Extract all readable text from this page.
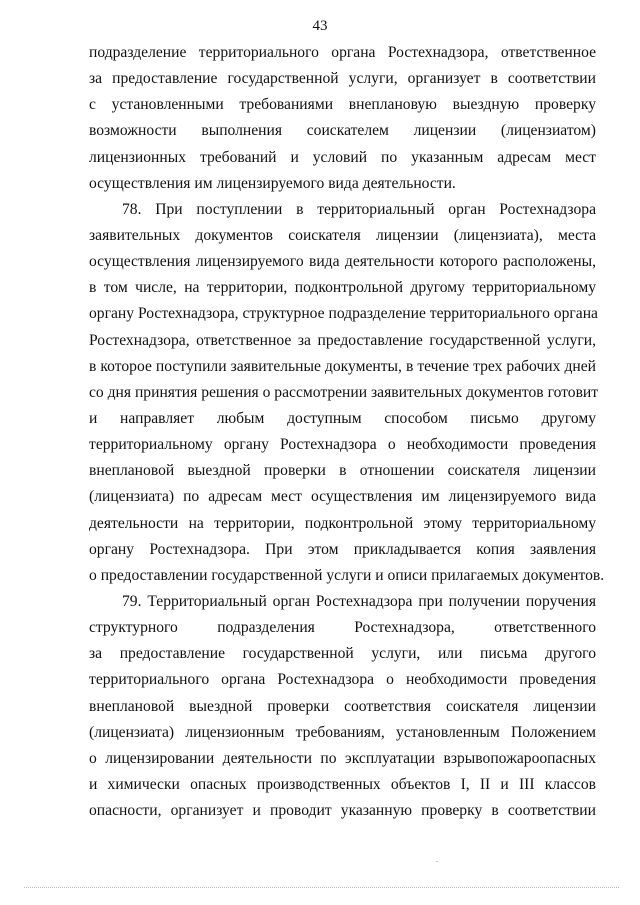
43
подразделение территориального органа Ростехнадзора, ответственное
за предоставление государственной услуги, организует в соответствии
с установленными требованиями внеплановую выездную проверку
возможности выполнения соискателем лицензии (лицензиатом)
лицензионных требований и условий по указанным адресам мест
осуществления им лицензируемого вида деятельности.
78. При поступлении в территориальный орган Ростехнадзора
заявительных документов соискателя лицензии (лицензиата), места
осуществления лицензируемого вида деятельности которого расположены,
в том числе, на территории, подконтрольной другому территориальному
органу Ростехнадзора, структурное подразделение территориального органа
Ростехнадзора, ответственное за предоставление государственной услуги,
в которое поступили заявительные документы, в течение трех рабочих дней
со дня принятия решения о рассмотрении заявительных документов готовит
и направляет любым доступным способом письмо другому
территориальному органу Ростехнадзора о необходимости проведения
внеплановой выездной проверки в отношении соискателя лицензии
(лицензиата) по адресам мест осуществления им лицензируемого вида
деятельности на территории, подконтрольной этому территориальному
органу Ростехнадзора. При этом прикладывается копия заявления
о предоставлении государственной услуги и описи прилагаемых документов.
79. Территориальный орган Ростехнадзора при получении поручения
структурного подразделения Ростехнадзора, ответственного
за предоставление государственной услуги, или письма другого
территориального органа Ростехнадзора о необходимости проведения
внеплановой выездной проверки соответствия соискателя лицензии
(лицензиата) лицензионным требованиям, установленным Положением
о лицензировании деятельности по эксплуатации взрывопожароопасных
и химически опасных производственных объектов I, II и III классов
опасности, организует и проводит указанную проверку в соответствии
